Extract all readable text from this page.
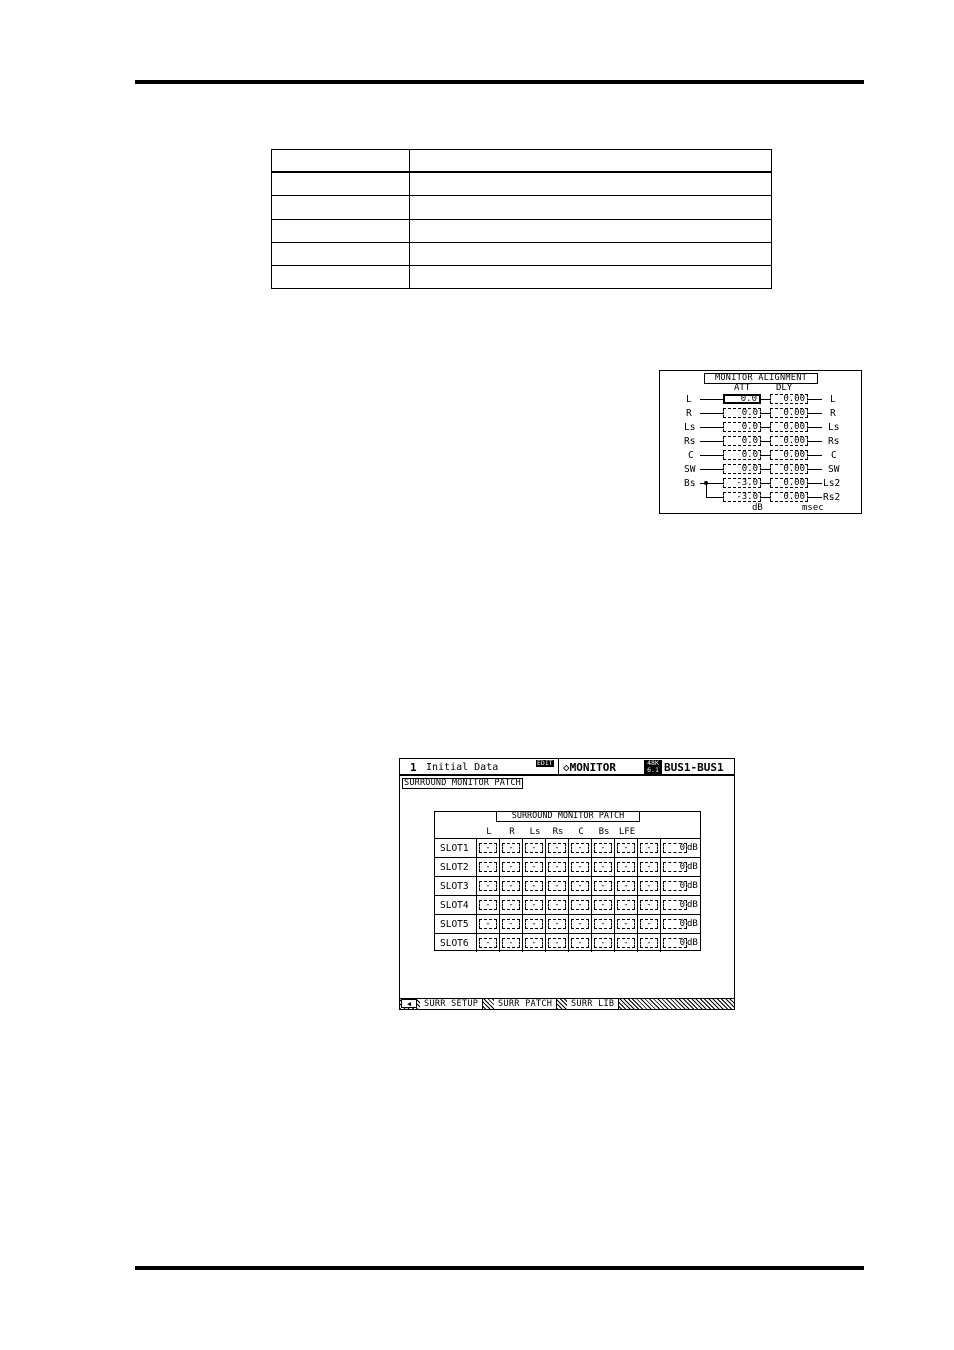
MONITOR ALIGNMENT
ATT	DLY
L	0.0	0.00	L
R	0.0	0.00	R
Ls	0.0	0.00	Ls
Rs	0.0	0.00	Rs
C	0.0	0.00	C
SW	0.0	0.00	SW
Bs	-3.0	0.00	Ls2
-3.0	0.00	Rs2
dB	msec
1 Initial Data	EDIT ◇MONITOR	48K
6.1 BUS1-BUS1
SURROUND MONITOR PATCH
SURROUND MONITOR PATCH
L	R	Ls	Rs	C	Bs	LFE
SLOT1	-	-	-	-	-	-	-	-	0 dB
SLOT2	-	-	-	-	-	-	-	-	0 dB
SLOT3	-	-	-	-	-	-	-	-	0 dB
SLOT4	-	-	-	-	-	-	-	-	0 dB
SLOT5	-	-	-	-	-	-	-	-	0 dB
SLOT6	-	-	-	-	-	-	-	-	0 dB
◀	SURR SETUP	SURR PATCH	SURR LIB
